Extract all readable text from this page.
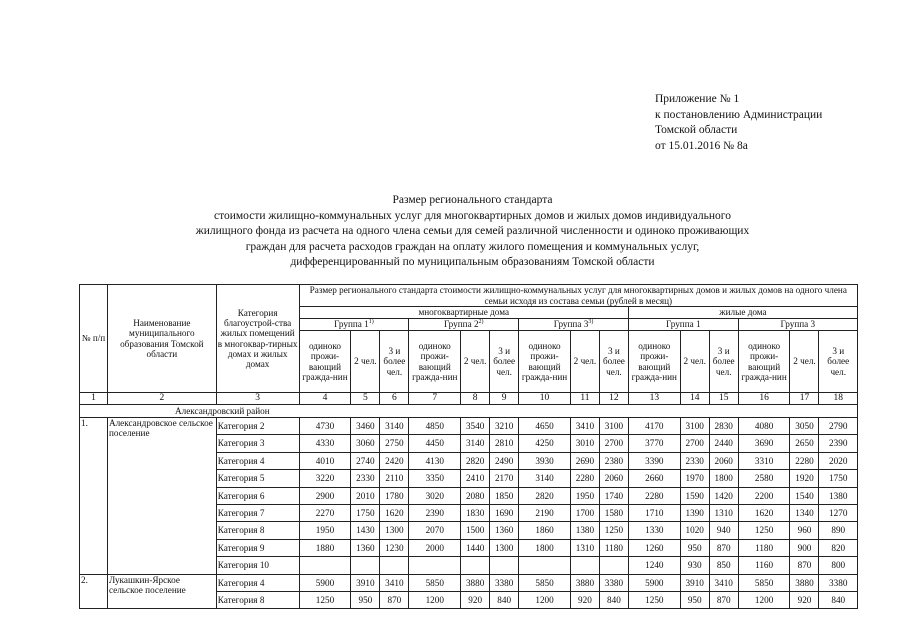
Приложение № 1
к постановлению Администрации
Томской области
от 15.01.2016 № 8а
Размер регионального стандарта
стоимости жилищно-коммунальных услуг для многоквартирных домов и жилых домов индивидуального
жилищного фонда из расчета на одного члена семьи для семей различной численности и одиноко проживающих
граждан для расчета расходов граждан на оплату жилого помещения и коммунальных услуг,
дифференцированный по муниципальным образованиям Томской области
№ п/п	Наименование муниципального образования Томской области	Категория благоустрой-ства жилых помещений в многоквар-тирных домах и жилых домах	Размер регионального стандарта стоимости жилищно-коммунальных услуг для многоквартирных домов и жилых домов на одного члена семьи исходя из состава семьи (рублей в месяц)														
			многоквартирные дома									жилые дома					
			Группа 1$^{1)}$			Группа 2$^{2)}$			Группа 3$^{3)}$			Группа 1			Группа 3		
			одиноко прожи-вающий гражда-нин	2 чел.	3 и более чел.	одиноко прожи-вающий гражда-нин	2 чел.	3 и более чел.	одиноко прожи-вающий гражда-нин	2 чел.	3 и более чел.	одиноко прожи-вающий гражда-нин	2 чел.	3 и более чел.	одиноко прожи-вающий гражда-нин	2 чел.	3 и более чел.
1	2	3	4	5	6	7	8	9	10	11	12	13	14	15	16	17	18
Александровский район																	
1.	Александровское сельское поселение	Категория 2	4730	3460	3140	4850	3540	3210	4650	3410	3100	4170	3100	2830	4080	3050	2790
		Категория 3	4330	3060	2750	4450	3140	2810	4250	3010	2700	3770	2700	2440	3690	2650	2390
		Категория 4	4010	2740	2420	4130	2820	2490	3930	2690	2380	3390	2330	2060	3310	2280	2020
		Категория 5	3220	2330	2110	3350	2410	2170	3140	2280	2060	2660	1970	1800	2580	1920	1750
		Категория 6	2900	2010	1780	3020	2080	1850	2820	1950	1740	2280	1590	1420	2200	1540	1380
		Категория 7	2270	1750	1620	2390	1830	1690	2190	1700	1580	1710	1390	1310	1620	1340	1270
		Категория 8	1950	1430	1300	2070	1500	1360	1860	1380	1250	1330	1020	940	1250	960	890
		Категория 9	1880	1360	1230	2000	1440	1300	1800	1310	1180	1260	950	870	1180	900	820
		Категория 10										1240	930	850	1160	870	800
2.	Лукашкин-Ярское сельское поселение	Категория 4	5900	3910	3410	5850	3880	3380	5850	3880	3380	5900	3910	3410	5850	3880	3380
		Категория 8	1250	950	870	1200	920	840	1200	920	840	1250	950	870	1200	920	840
